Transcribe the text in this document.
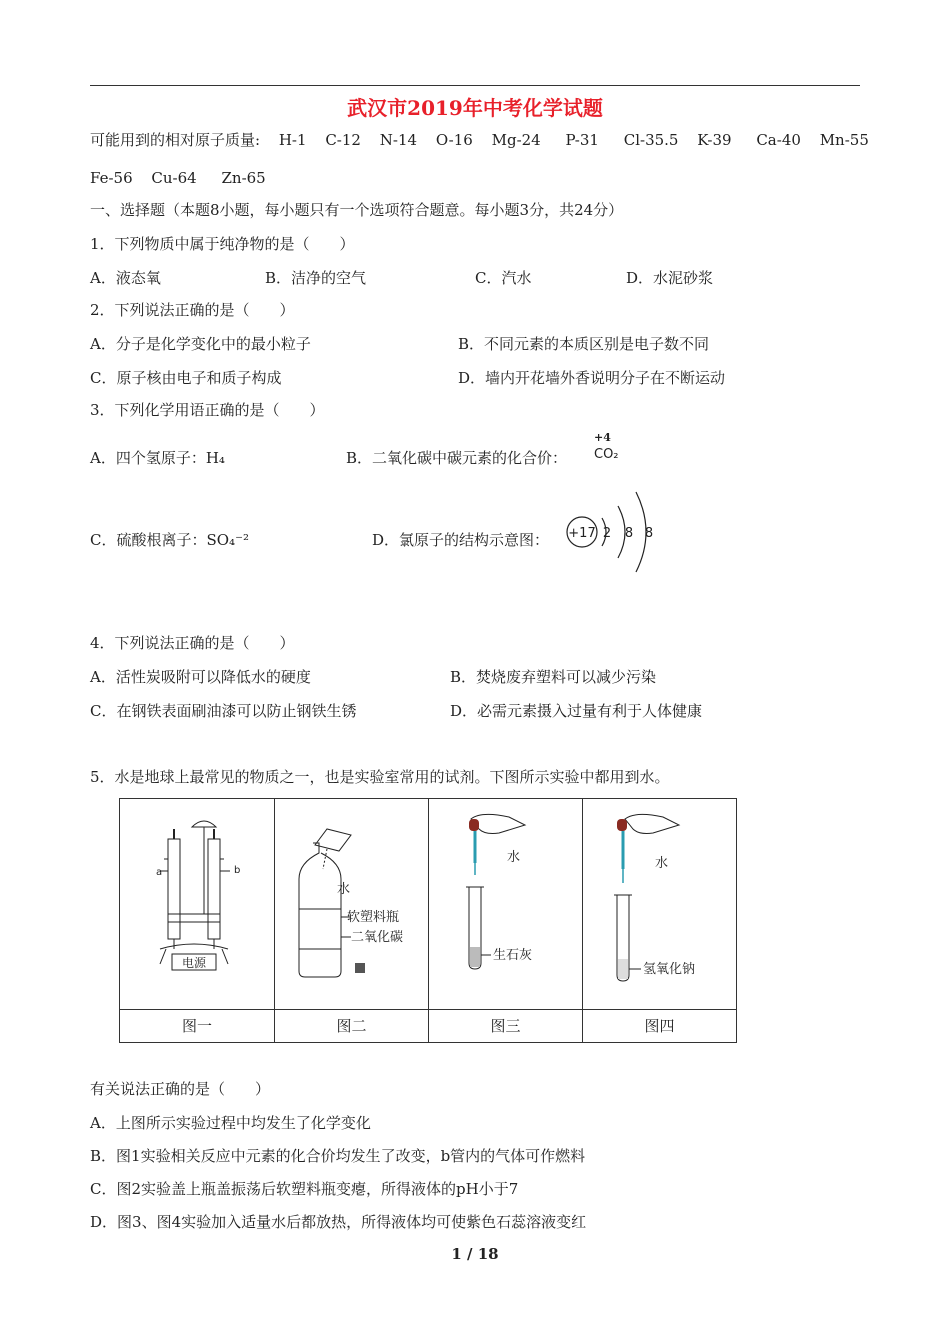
武汉市2019年中考化学试题
可能用到的相对原子质量: H-1 C-12 N-14 O-16 Mg-24 P-31 Cl-35.5 K-39 Ca-40 Mn-55
Fe-56 Cu-64 Zn-65
一、选择题（本题8小题，每小题只有一个选项符合题意。每小题3分，共24分）
1．下列物质中属于纯净物的是（　　）
A．液态氧	B．洁净的空气	C．汽水	D．水泥砂浆
2．下列说法正确的是（　　）
A．分子是化学变化中的最小粒子	B．不同元素的本质区别是电子数不同
C．原子核由电子和质子构成	D．墙内开花墙外香说明分子在不断运动
3．下列化学用语正确的是（　　）
A．四个氢原子：H₄	B．二氧化碳中碳元素的化合价：
+4
CO₂
C．硫酸根离子：SO₄⁻²	D．氯原子的结构示意图： +17 2 8 8
4．下列说法正确的是（　　）
A．活性炭吸附可以降低水的硬度	B．焚烧废弃塑料可以减少污染
C．在钢铁表面刷油漆可以防止钢铁生锈	D．必需元素摄入过量有利于人体健康
5．水是地球上最常见的物质之一，也是实验室常用的试剂。下图所示实验中都用到水。
a	b
电源
水
软塑料瓶
二氧化碳
水
生石灰
水
氢氧化钠
图一	图二	图三	图四
有关说法正确的是（　　）
A．上图所示实验过程中均发生了化学变化
B．图1实验相关反应中元素的化合价均发生了改变，b管内的气体可作燃料
C．图2实验盖上瓶盖振荡后软塑料瓶变瘪，所得液体的pH小于7
D．图3、图4实验加入适量水后都放热，所得液体均可使紫色石蕊溶液变红
1 / 18
